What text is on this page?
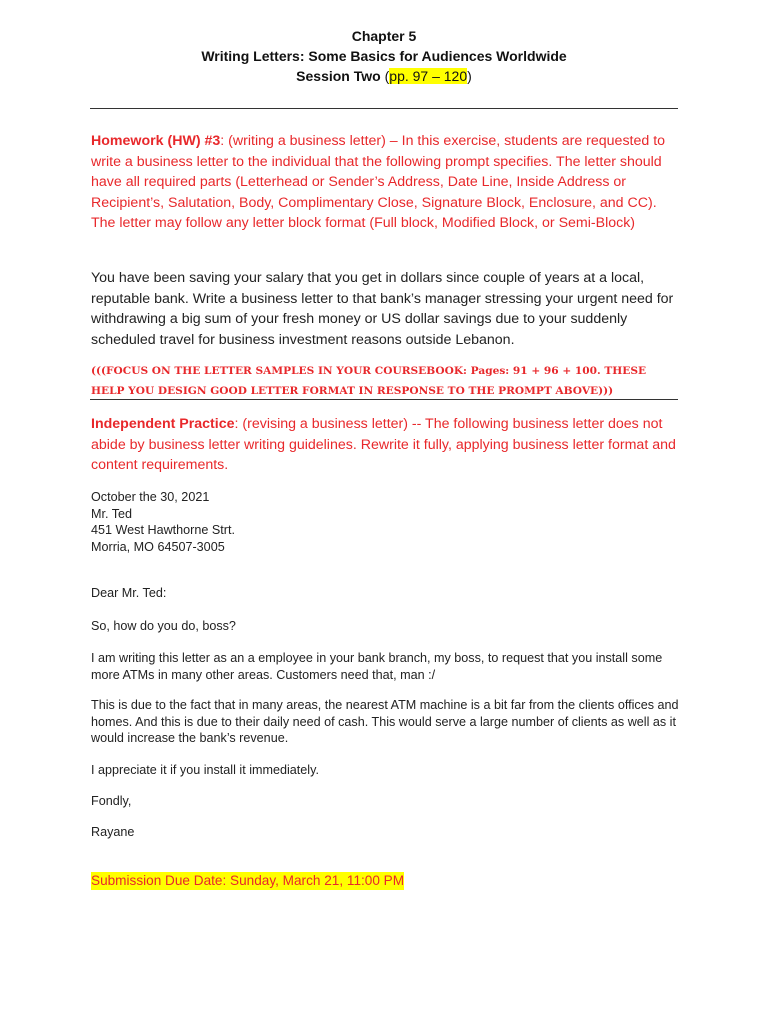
Chapter 5
Writing Letters: Some Basics for Audiences Worldwide
Session Two (pp. 97 – 120)
Homework (HW) #3: (writing a business letter) – In this exercise, students are requested to write a business letter to the individual that the following prompt specifies. The letter should have all required parts (Letterhead or Sender’s Address, Date Line, Inside Address or Recipient’s, Salutation, Body, Complimentary Close, Signature Block, Enclosure, and CC). The letter may follow any letter block format (Full block, Modified Block, or Semi-Block)
You have been saving your salary that you get in dollars since couple of years at a local, reputable bank. Write a business letter to that bank’s manager stressing your urgent need for withdrawing a big sum of your fresh money or US dollar savings due to your suddenly scheduled travel for business investment reasons outside Lebanon.
(((FOCUS ON THE LETTER SAMPLES IN YOUR COURSEBOOK: Pages: 91 + 96 + 100. THESE HELP YOU DESIGN GOOD LETTER FORMAT IN RESPONSE TO THE PROMPT ABOVE)))
Independent Practice: (revising a business letter) -- The following business letter does not abide by business letter writing guidelines. Rewrite it fully, applying business letter format and content requirements.
October the 30, 2021
Mr. Ted
451 West Hawthorne Strt.
Morria, MO 64507-3005
Dear Mr. Ted:
So, how do you do, boss?
I am writing this letter as an a employee in your bank branch, my boss, to request that you install some more ATMs in many other areas. Customers need that, man :/
This is due to the fact that in many areas, the nearest ATM machine is a bit far from the clients offices and homes. And this is due to their daily need of cash. This would serve a large number of clients as well as it would increase the bank’s revenue.
I appreciate it if you install it immediately.
Fondly,
Rayane
Submission Due Date: Sunday, March 21, 11:00 PM
